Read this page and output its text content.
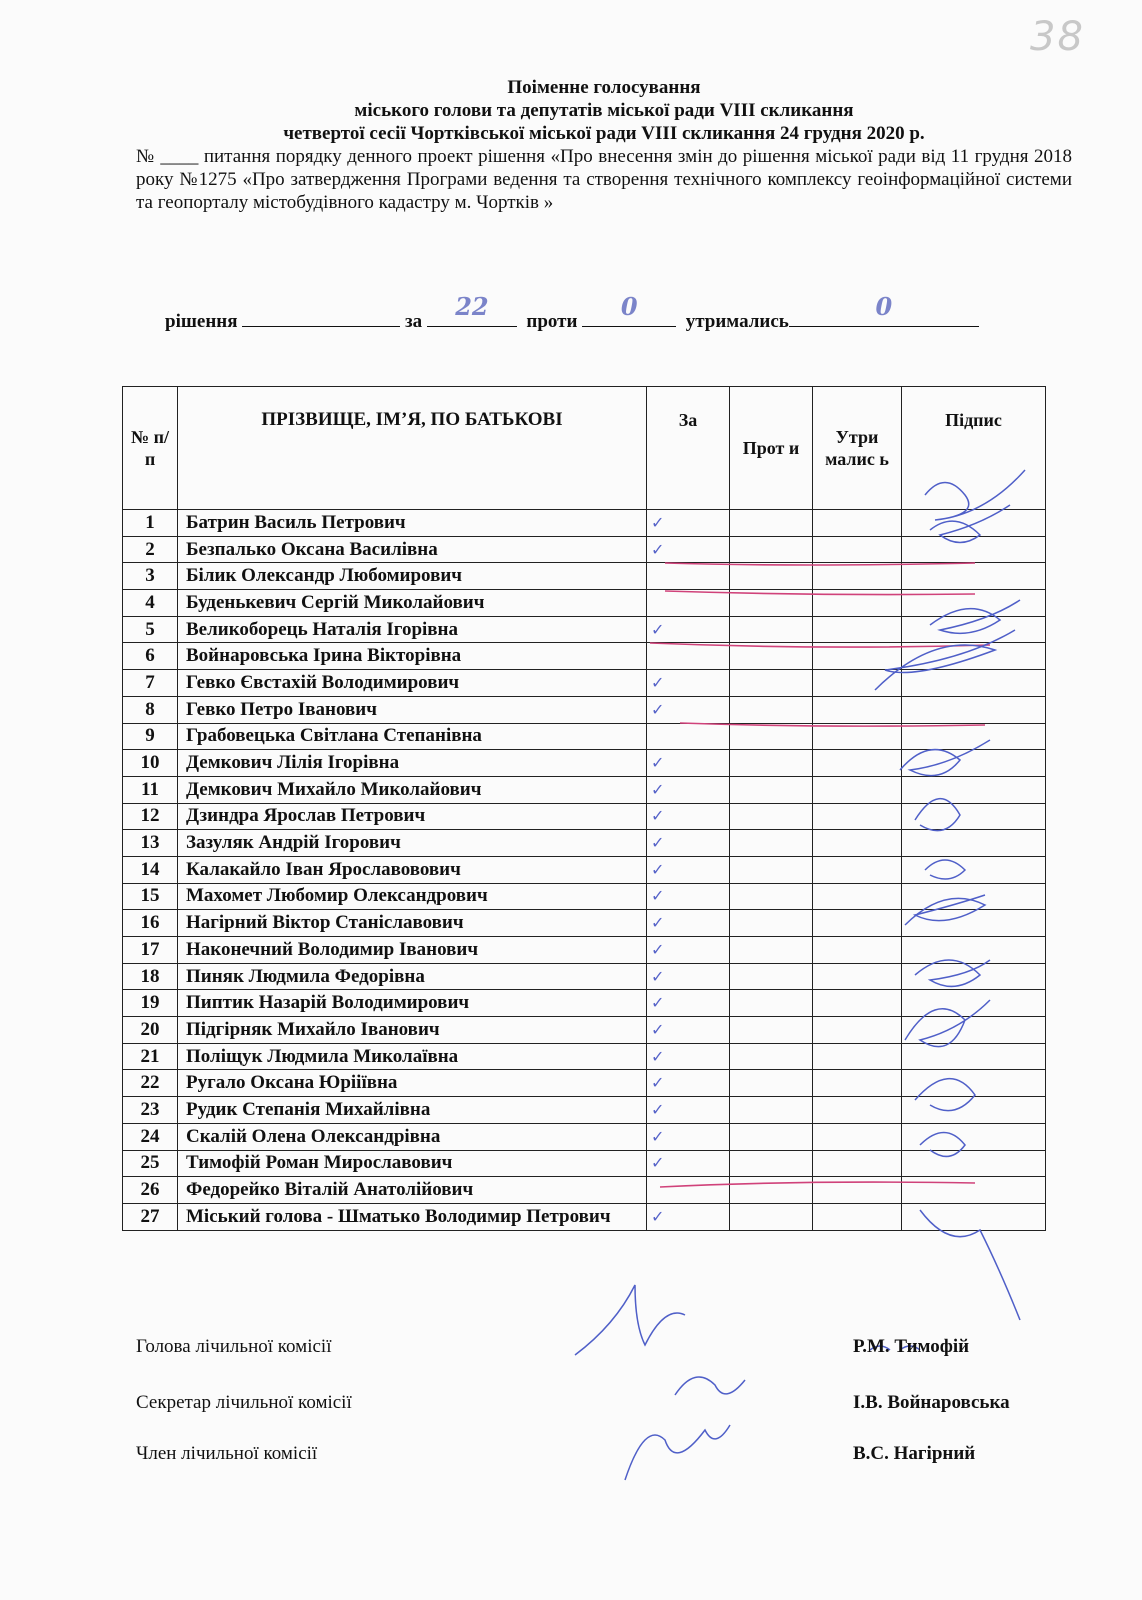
38

Поіменне голосування

міського голови та депутатів міської ради VIII скликання

четвертої сесії Чортківської міської ради VIII скликання 24 грудня 2020 р.

№ ____ питання порядку денного проект рішення «Про внесення змін до рішення міської ради від 11 грудня 2018 року №1275 «Про затвердження Програми ведення та створення технічного комплексу геоінформаційної системи та геопорталу містобудівного кадастру м. Чортків »

рішення	за
22
проти
0
утримались
0
№ п/п	ПРІЗВИЩЕ, ІМ’Я, ПО БАТЬКОВІ	За	Прот и	Утри малис ь	Підпис
1	Батрин Василь Петрович	✓			
2	Безпалько Оксана Василівна	✓			
3	Білик Олександр Любомирович				
4	Буденькевич Сергій Миколайович				
5	Великоборець Наталія Ігорівна	✓			
6	Войнаровська Ірина Вікторівна				
7	Гевко Євстахій Володимирович	✓			
8	Гевко Петро Іванович	✓			
9	Грабовецька Світлана Степанівна				
10	Демкович Лілія Ігорівна	✓			
11	Демкович Михайло Миколайович	✓			
12	Дзиндра Ярослав Петрович	✓			
13	Зазуляк Андрій Ігорович	✓			
14	Калакайло Іван Ярославовович	✓			
15	Махомет Любомир Олександрович	✓			
16	Нагірний Віктор Станіславович	✓			
17	Наконечний Володимир Іванович	✓			
18	Пиняк Людмила Федорівна	✓			
19	Пиптик Назарій Володимирович	✓			
20	Підгірняк Михайло Іванович	✓			
21	Поліщук Людмила Миколаївна	✓			
22	Ругало Оксана Юріiївна	✓			
23	Рудик Степанія Михайлівна	✓			
24	Скалій Олена Олександрівна	✓			
25	Тимофій Роман Мирославович	✓			
26	Федорейко Віталій Анатолійович				
27	Міський голова - Шматько Володимир Петрович	✓			
Голова лічильної комісії	Р.М. Тимофій
Секретар лічильної комісії	І.В. Войнаровська
Член лічильної комісії	В.С. Нагірний
